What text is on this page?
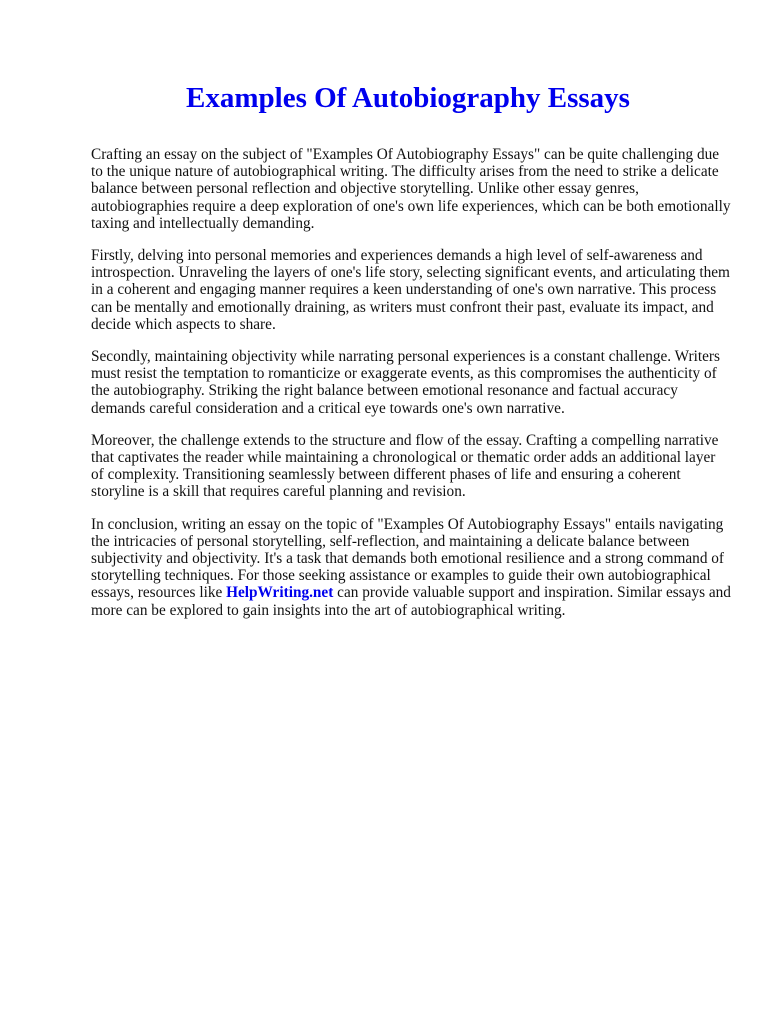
Examples Of Autobiography Essays

Crafting an essay on the subject of "Examples Of Autobiography Essays" can be quite challenging due to the unique nature of autobiographical writing. The difficulty arises from the need to strike a delicate balance between personal reflection and objective storytelling. Unlike other essay genres, autobiographies require a deep exploration of one's own life experiences, which can be both emotionally taxing and intellectually demanding.

Firstly, delving into personal memories and experiences demands a high level of self-awareness and introspection. Unraveling the layers of one's life story, selecting significant events, and articulating them in a coherent and engaging manner requires a keen understanding of one's own narrative. This process can be mentally and emotionally draining, as writers must confront their past, evaluate its impact, and decide which aspects to share.

Secondly, maintaining objectivity while narrating personal experiences is a constant challenge. Writers must resist the temptation to romanticize or exaggerate events, as this compromises the authenticity of the autobiography. Striking the right balance between emotional resonance and factual accuracy demands careful consideration and a critical eye towards one's own narrative.

Moreover, the challenge extends to the structure and flow of the essay. Crafting a compelling narrative that captivates the reader while maintaining a chronological or thematic order adds an additional layer of complexity. Transitioning seamlessly between different phases of life and ensuring a coherent storyline is a skill that requires careful planning and revision.

In conclusion, writing an essay on the topic of "Examples Of Autobiography Essays" entails navigating the intricacies of personal storytelling, self-reflection, and maintaining a delicate balance between subjectivity and objectivity. It's a task that demands both emotional resilience and a strong command of storytelling techniques. For those seeking assistance or examples to guide their own autobiographical essays, resources like HelpWriting.net can provide valuable support and inspiration. Similar essays and more can be explored to gain insights into the art of autobiographical writing.
